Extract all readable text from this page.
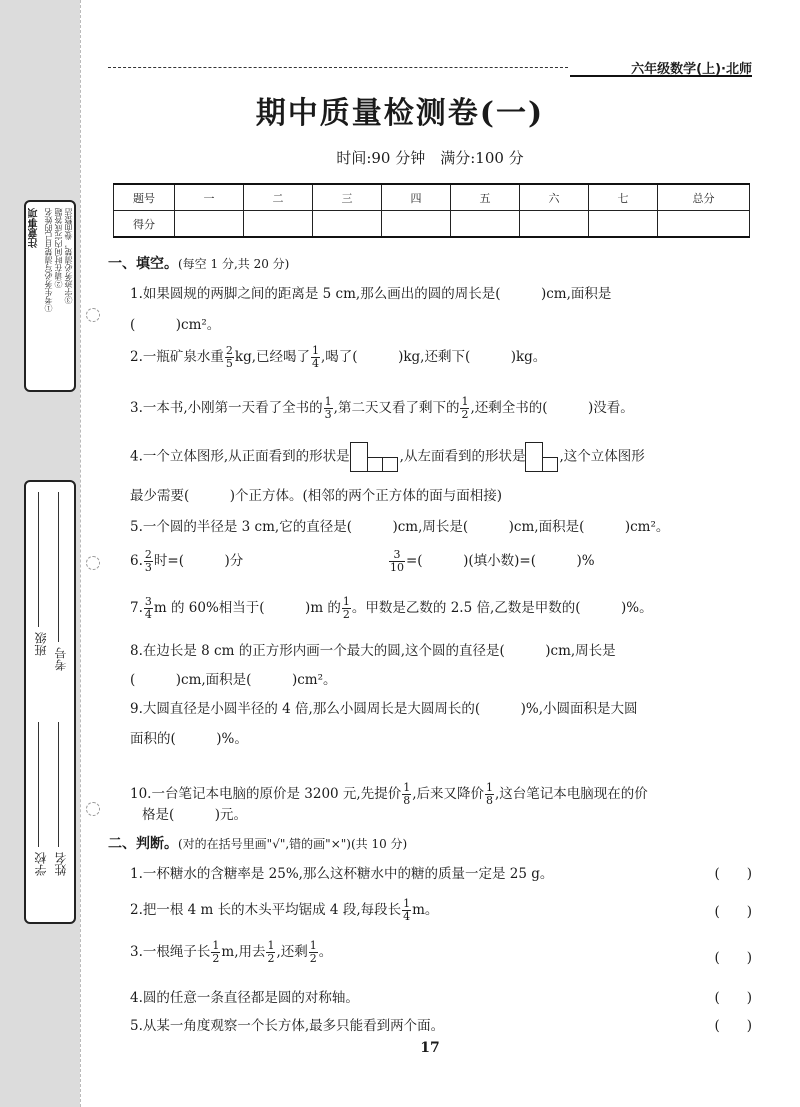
注意事项 ①考生务必写清楚自己的姓名 ②请在时间内完成答题 ③字迹务必清楚，卷面整洁
班级
考号
学校 姓名
六年级数学(上)·北师
期中质量检测卷(一)
时间:90 分钟　满分:100 分
题号	一	二	三	四	五	六	七	总分
得分								
一、填空。(每空 1 分,共 20 分)
1.如果圆规的两脚之间的距离是 5 cm,那么画出的圆的周长是(　　　)cm,面积是
(　　　)cm²。
2.一瓶矿泉水重 $\frac{2}{5}$ kg,已经喝了 $\frac{1}{4}$ ,喝了(　　　)kg,还剩下(　　　)kg。
3.一本书,小刚第一天看了全书的 $\frac{1}{3}$ ,第二天又看了剩下的 $\frac{1}{2}$ ,还剩全书的(　　　)没看。
4.一个立体图形,从正面看到的形状是	,从左面看到的形状是	,这个立体图形
最少需要(　　　)个正方体。(相邻的两个正方体的面与面相接)
5.一个圆的半径是 3 cm,它的直径是(　　　)cm,周长是(　　　)cm,面积是(　　　)cm²。
6. $\frac{2}{3}$ 时=(　　　)分	$\frac{3}{10}$ =(　　　)(填小数)=(　　　)%
7. $\frac{3}{4}$ m 的 60%相当于(　　　)m 的 $\frac{1}{2}$ 。甲数是乙数的 2.5 倍,乙数是甲数的(　　　)%。
8.在边长是 8 cm 的正方形内画一个最大的圆,这个圆的直径是(　　　)cm,周长是
(　　　)cm,面积是(　　　)cm²。
9.大圆直径是小圆半径的 4 倍,那么小圆周长是大圆周长的(　　　)%,小圆面积是大圆
面积的(　　　)%。
10.一台笔记本电脑的原价是 3200 元,先提价 $\frac{1}{8}$ ,后来又降价 $\frac{1}{8}$ ,这台笔记本电脑现在的价
格是(　　　)元。
二、判断。(对的在括号里画"√",错的画"×")(共 10 分)
1.一杯糖水的含糖率是 25%,那么这杯糖水中的糖的质量一定是 25 g。	(　　)
2.把一根 4 m 长的木头平均锯成 4 段,每段长 $\frac{1}{4}$ m。	(　　)
3.一根绳子长 $\frac{1}{2} m$,用去 $\frac{1}{2}$ ,还剩 $\frac{1}{2}$ 。	(　　)
4.圆的任意一条直径都是圆的对称轴。	(　　)
5.从某一角度观察一个长方体,最多只能看到两个面。	(　　)
17
